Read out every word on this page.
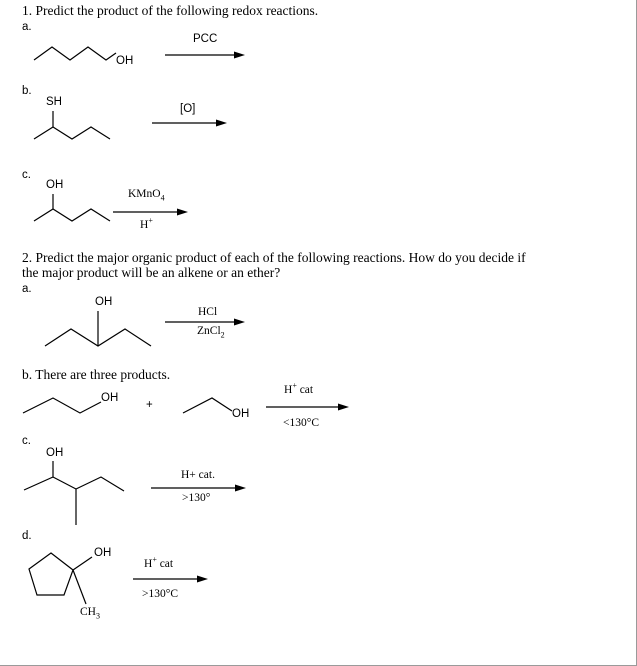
1. Predict the product of the following redox reactions.
a.
OH
PCC
b.
SH
[O]
c.
OH
KMnO$_4$
H+
2. Predict the major organic product of each of the following reactions. How do you decide if
the major product will be an alkene or an ether?
a.
OH
HCl
ZnCl$_2$
b. There are three products.
OH
+
OH
H+ cat
<130°C
c.
OH
H+ cat.
>130°
d.
OH
$CH_3$
H+ cat
>130°C
